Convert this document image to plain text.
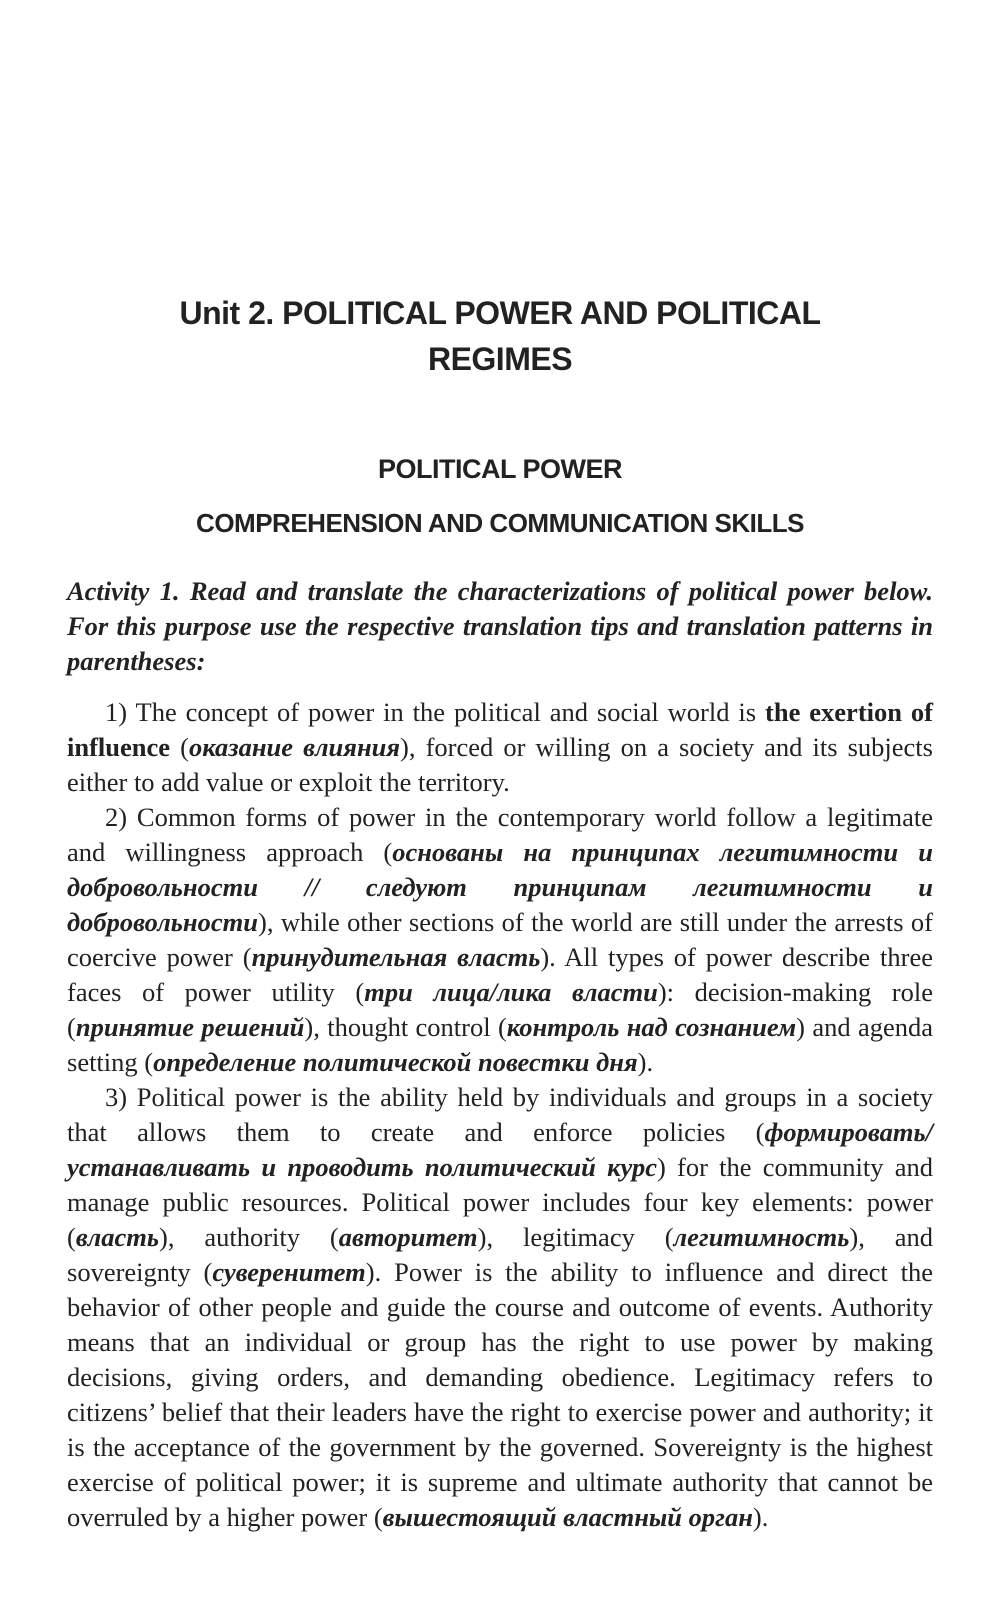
Unit 2. POLITICAL POWER AND POLITICAL
REGIMES
POLITICAL POWER
COMPREHENSION AND COMMUNICATION SKILLS

Activity 1. Read and translate the characterizations of political power below. For this purpose use the respective translation tips and translation patterns in parentheses:

1) The concept of power in the political and social world is the exertion of influence (оказание влияния), forced or willing on a society and its subjects either to add value or exploit the territory.

2) Common forms of power in the contemporary world follow a legitimate and willingness approach (основаны на принципах легитимности и добровольности // следуют принципам легитимности и добровольности), while other sections of the world are still under the arrests of coercive power (принудительная власть). All types of power describe three faces of power utility (три лица/лика власти): decision-making role (принятие решений), thought control (контроль над сознанием) and agenda setting (определение политической повестки дня).

3) Political power is the ability held by individuals and groups in a society that allows them to create and enforce policies (формировать/ устанавливать и проводить политический курс) for the community and manage public resources. Political power includes four key elements: power (власть), authority (авторитет), legitimacy (легитимность), and sovereignty (суверенитет). Power is the ability to influence and direct the behavior of other people and guide the course and outcome of events. Authority means that an individual or group has the right to use power by making decisions, giving orders, and demanding obedience. Legitimacy refers to citizens’ belief that their leaders have the right to exercise power and authority; it is the acceptance of the government by the governed. Sovereignty is the highest exercise of political power; it is supreme and ultimate authority that cannot be overruled by a higher power (вышестоящий властный орган).
